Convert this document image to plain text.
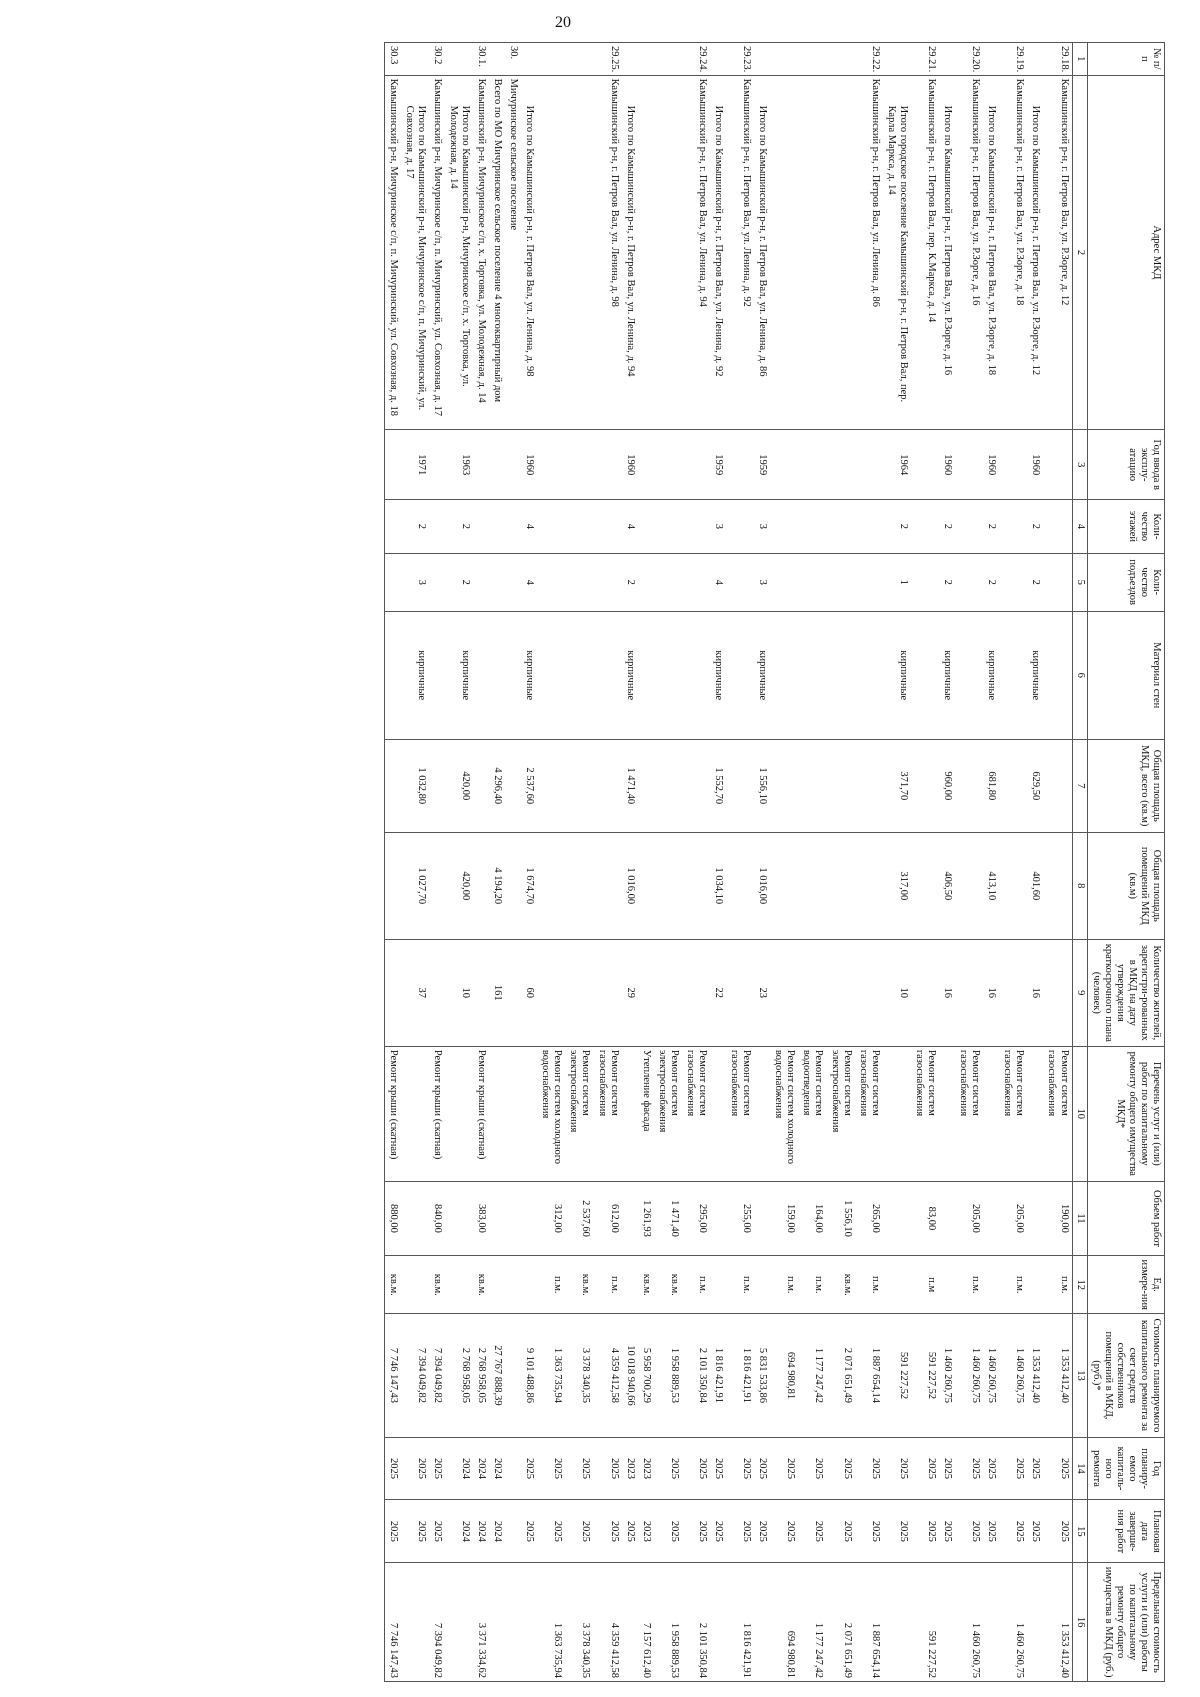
20
№ п/п	Адрес МКД	Год ввода в эксплу-атацию	Коли-чество этажей	Коли-чество подъездов	Материал стен	Общая площадь МКД, всего (кв.м)	Общая площадь помещений МКД (кв.м)	Количество жителей, зарегистри-рованных в МКД на дату утверждения краткосрочного плана (человек)	Перечень услуг и (или) работ по капитальному ремонту общего имущества МКД*	Объем работ	Ед. измере-ния	Стоимость планируемого капитального ремонта за счет средств собственников помещений в МКД, (руб.)*	Год планиру-емого капиталь-ного ремонта	Плановая дата заверше-ния работ	Предельная стоимость услуги и (или) работы по капитальному ремонту общего имущества в МКД (руб.)
1	2	3	4	5	6	7	8	9	10	11	12	13	14	15	16
29.18.	Камышинский р-н, г. Петров Вал, ул. Р.Зорге, д. 12								Ремонт систем газоснабжения	190,00	п.м.	1 353 412,40	2025	2025	1 353 412,40
	Итого по Камышинский р-н, г. Петров Вал, ул. Р.Зорге, д. 12	1960	2	2	кирпичные	629,50	401,60	16				1 353 412,40	2025	2025	
29.19.	Камышинский р-н, г. Петров Вал, ул. Р.Зорге, д. 18								Ремонт систем газоснабжения	205,00	п.м.	1 460 260,75	2025	2025	1 460 260,75
	Итого по Камышинский р-н, г. Петров Вал, ул. Р.Зорге, д. 18	1960	2	2	кирпичные	681,80	413,10	16				1 460 260,75	2025	2025	
29.20.	Камышинский р-н, г. Петров Вал, ул. Р.Зорге, д. 16								Ремонт систем газоснабжения	205,00	п.м.	1 460 260,75	2025	2025	1 460 260,75
	Итого по Камышинский р-н, г. Петров Вал, ул. Р.Зорге, д. 16	1960	2	2	кирпичные	960,00	406,50	16				1 460 260,75	2025	2025	
29.21.	Камышинский р-н, г. Петров Вал, пер. К.Маркса, д. 14								Ремонт систем газоснабжения	83,00	п.м	591 227,52	2025	2025	591 227,52
	Итого городское поселение Камышинский р-н, г. Петров Вал, пер. Карла Маркса, д. 14	1964	2	1	кирпичные	371,70	317,00	10				591 227,52	2025	2025	
29.22.	Камышинский р-н, г. Петров Вал, ул. Ленина, д. 86								Ремонт систем газоснабжения	265,00	п.м.	1 887 654,14	2025	2025	1 887 654,14
									Ремонт систем электроснабжения	1 556,10	кв.м.	2 071 651,49	2025	2025	2 071 651,49
									Ремонт систем водоотведения	164,00	п.м.	1 177 247,42	2025	2025	1 177 247,42
									Ремонт систем холодного водоснабжения	159,00	п.м.	694 980,81	2025	2025	694 980,81
	Итого по Камышинский р-н, г. Петров Вал, ул. Ленина, д. 86	1959	3	3	кирпичные	1 556,10	1 016,00	23				5 831 533,86	2025	2025	
29.23.	Камышинский р-н, г. Петров Вал, ул. Ленина, д. 92								Ремонт систем газоснабжения	255,00	п.м.	1 816 421,91	2025	2025	1 816 421,91
	Итого по Камышинский р-н, г. Петров Вал, ул. Ленина, д. 92	1959	3	4	кирпичные	1 552,70	1 034,10	22				1 816 421,91	2025	2025	
29.24.	Камышинский р-н, г. Петров Вал, ул. Ленина, д. 94								Ремонт систем газоснабжения	295,00	п.м.	2 101 350,84	2025	2025	2 101 350,84
									Ремонт систем электроснабжения	1 471,40	кв.м.	1 958 889,53	2025	2025	1 958 889,53
									Утепление фасада	1 261,93	кв.м.	5 958 700,29	2023	2023	7 157 612,40
	Итого по Камышинский р-н, г. Петров Вал, ул. Ленина, д. 94	1960	4	2	кирпичные	1 471,40	1 016,00	29				10 018 940,66	2023	2025	
29.25.	Камышинский р-н, г. Петров Вал, ул. Ленина, д. 98								Ремонт систем газоснабжения	612,00	п.м.	4 359 412,58	2025	2025	4 359 412,58
									Ремонт систем электроснабжения	2 537,60	кв.м.	3 378 340,35	2025	2025	3 378 340,35
									Ремонт систем холодного водоснабжения	312,00	п.м.	1 363 735,94	2025	2025	1 363 735,94
	Итого по Камышинский р-н, г. Петров Вал, ул. Ленина, д. 98	1960	4	4	кирпичные	2 537,60	1 674,70	60				9 101 488,86	2025	2025	
30.	Мичуринское сельское поселение														
	Всего по МО Мичуринское сельское поселение 4 многоквартирный дом					4 296,40	4 194,20	161				27 767 888,39	2024	2024	
30.1.	Камышинский р-н, Мичуринское с/п, х. Торговка, ул. Молодежная, д. 14								Ремонт крыши (скатная)	383,00	кв.м.	2 768 958,05	2024	2024	3 371 334,62
	Итого по Камышинский р-н, Мичуринское с/п, х. Торговка, ул. Молодежная, д. 14	1963	2	2	кирпичные	420,00	420,00	10				2 768 958,05	2024	2024	
30.2	Камышинский р-н, Мичуринское с/п, п. Мичуринский, ул. Совхозная, д. 17								Ремонт крыши (скатная)	840,00	кв.м.	7 394 049,82	2025	2025	7 394 049,82
	Итого по Камышинский р-н, Мичуринское с/п, п. Мичуринский, ул. Совхозная, д. 17	1971	2	3	кирпичные	1 032,80	1 027,70	37				7 394 049,82	2025	2025	
30.3	Камышинский р-н, Мичуринское с/п, п. Мичуринский, ул. Совхозная, д. 18								Ремонт крыши (скатная)	880,00	кв.м.	7 746 147,43	2025	2025	7 746 147,43
